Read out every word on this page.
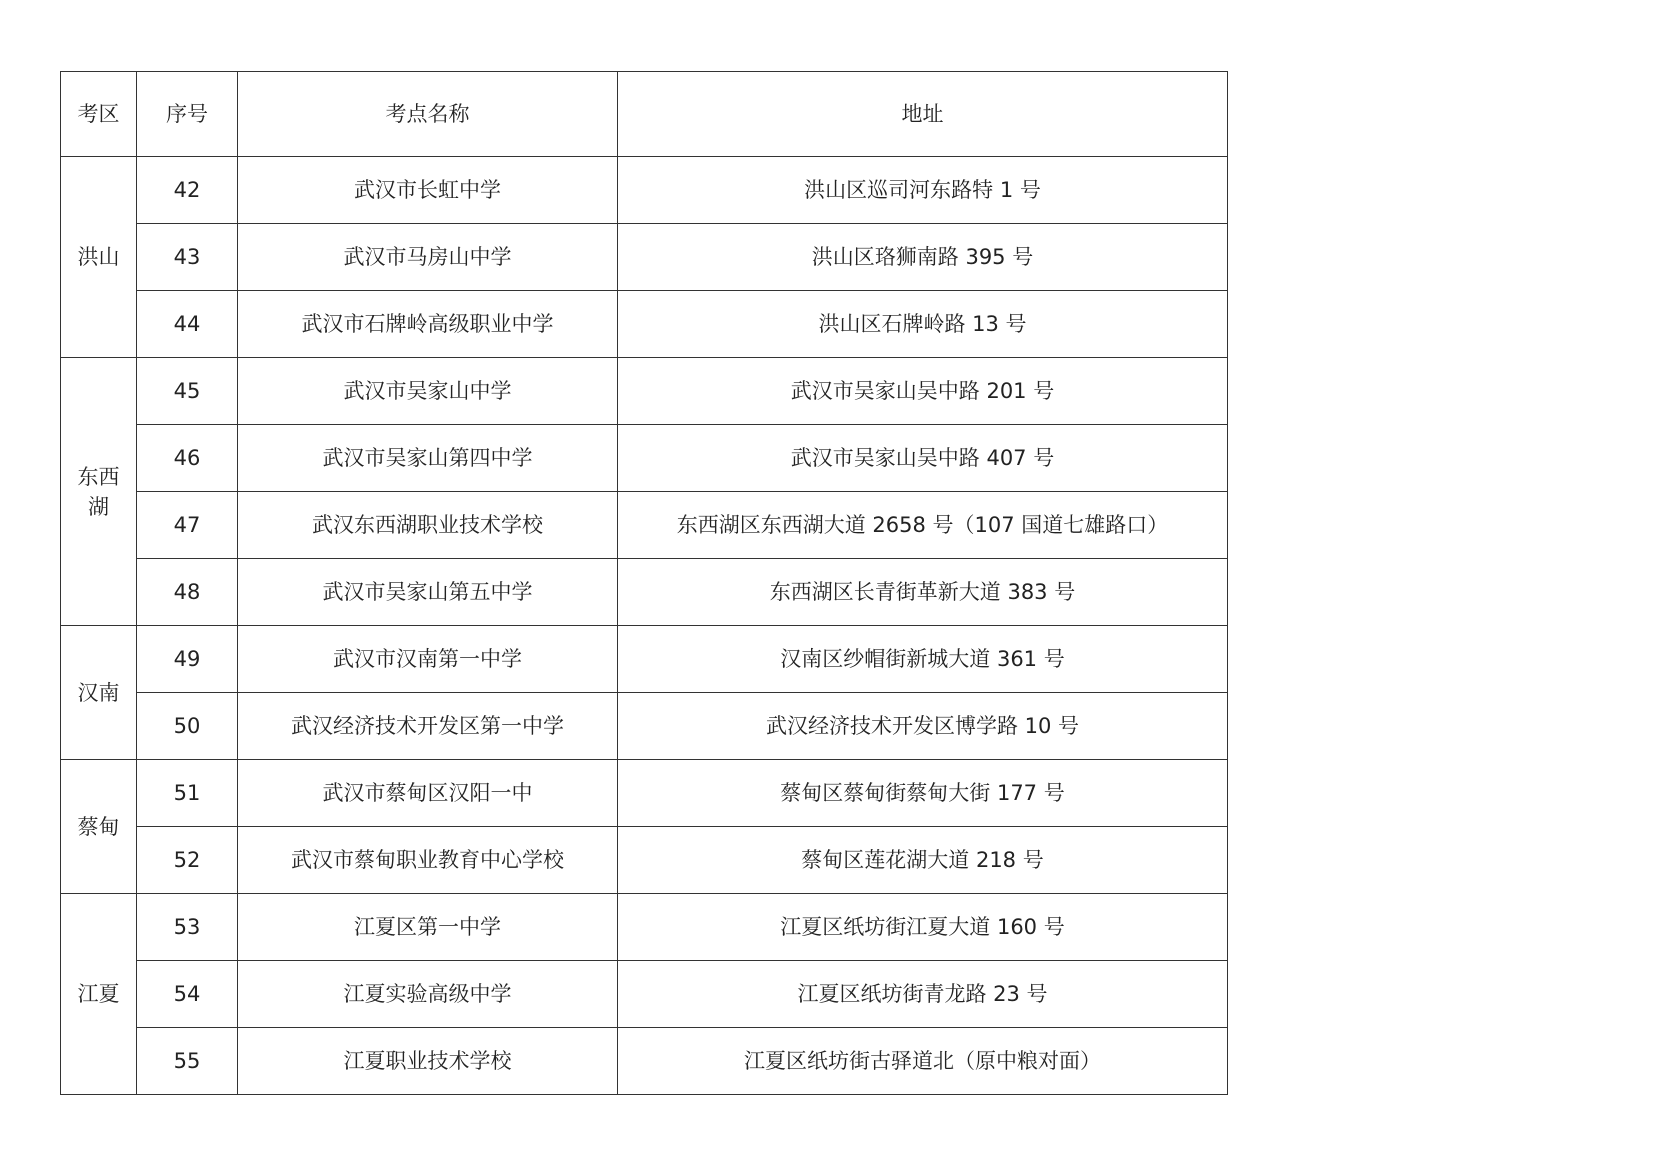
考区	序号	考点名称	地址
洪山	42	武汉市长虹中学	洪山区巡司河东路特 1 号
	43	武汉市马房山中学	洪山区珞狮南路 395 号
	44	武汉市石牌岭高级职业中学	洪山区石牌岭路 13 号
东西湖	45	武汉市吴家山中学	武汉市吴家山吴中路 201 号
	46	武汉市吴家山第四中学	武汉市吴家山吴中路 407 号
	47	武汉东西湖职业技术学校	东西湖区东西湖大道 2658 号（107 国道七雄路口）
	48	武汉市吴家山第五中学	东西湖区长青街革新大道 383 号
汉南	49	武汉市汉南第一中学	汉南区纱帽街新城大道 361 号
	50	武汉经济技术开发区第一中学	武汉经济技术开发区博学路 10 号
蔡甸	51	武汉市蔡甸区汉阳一中	蔡甸区蔡甸街蔡甸大街 177 号
	52	武汉市蔡甸职业教育中心学校	蔡甸区莲花湖大道 218 号
江夏	53	江夏区第一中学	江夏区纸坊街江夏大道 160 号
	54	江夏实验高级中学	江夏区纸坊街青龙路 23 号
	55	江夏职业技术学校	江夏区纸坊街古驿道北（原中粮对面）
